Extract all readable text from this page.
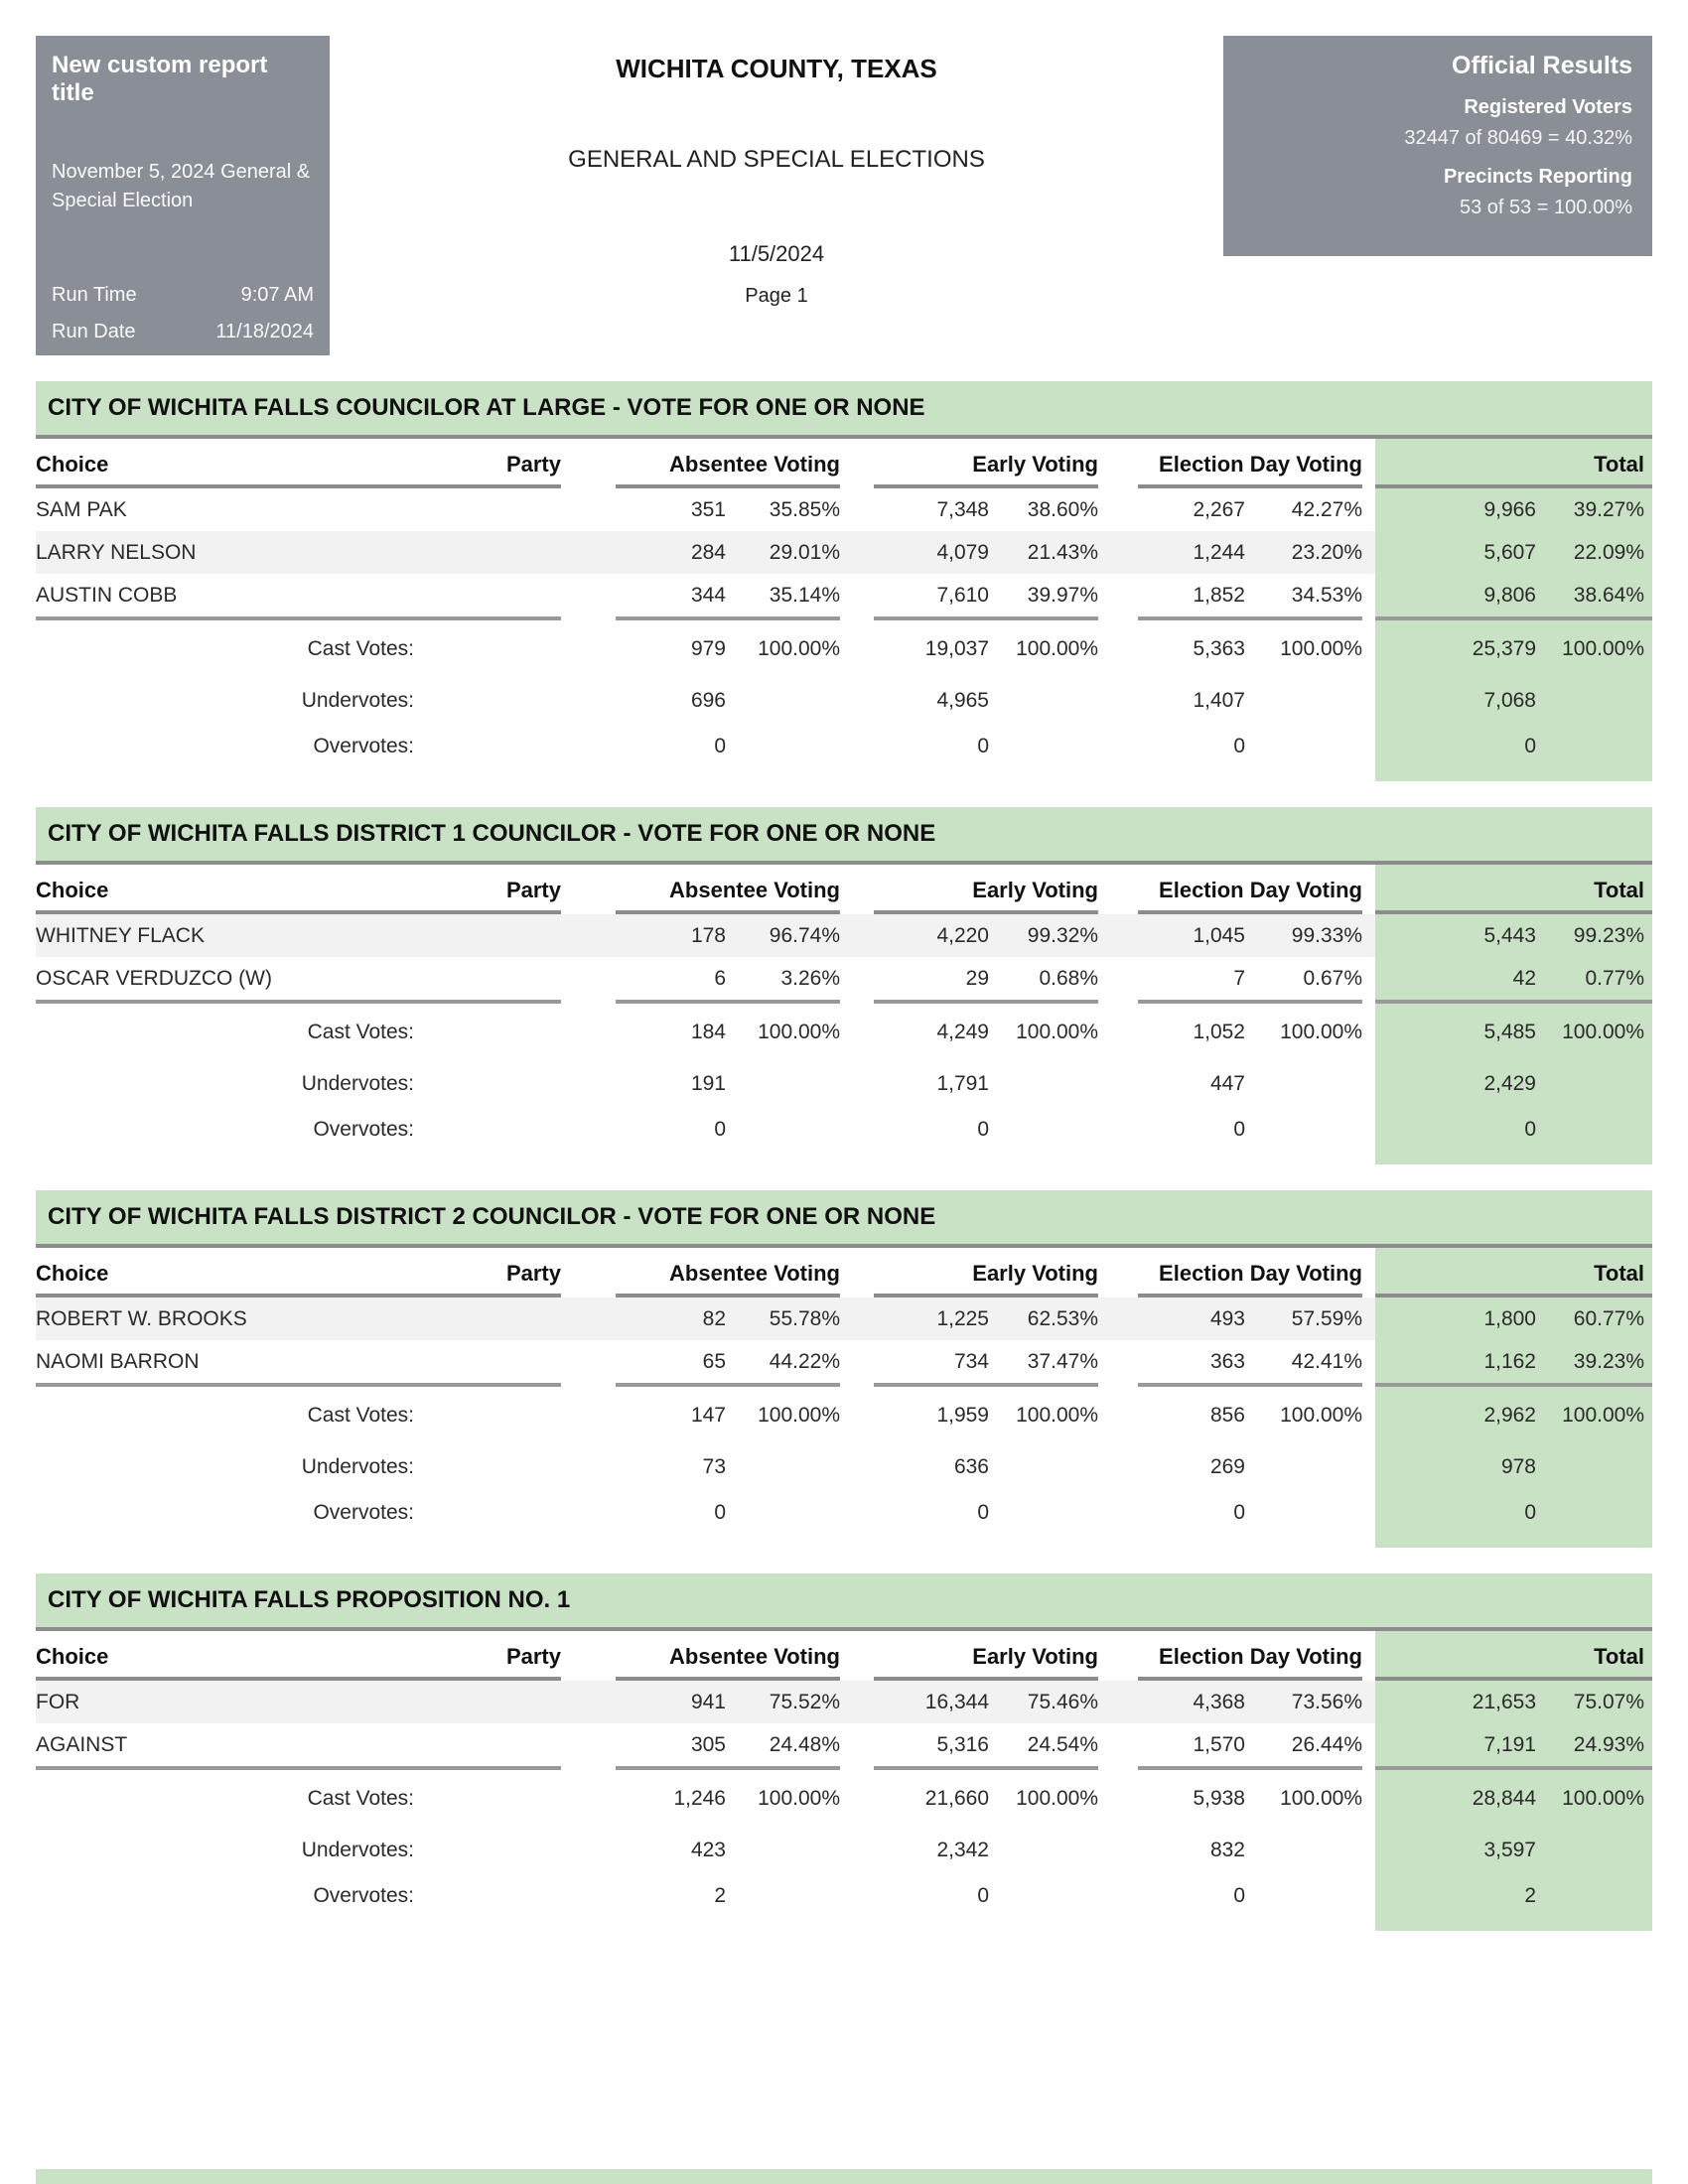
New custom report title
November 5, 2024 General & Special Election
Run Time	9:07 AM
Run Date	11/18/2024
WICHITA COUNTY, TEXAS
GENERAL AND SPECIAL ELECTIONS
11/5/2024
Page 1
Official Results
Registered Voters
32447 of 80469 = 40.32%
Precincts Reporting
53 of 53 = 100.00%
CITY OF WICHITA FALLS COUNCILOR AT LARGE - VOTE FOR ONE OR NONE
Choice	Party	Absentee Voting	Early Voting	Election Day Voting	Total
SAM PAK	351	35.85%	7,348	38.60%	2,267	42.27%	9,966	39.27%
LARRY NELSON	284	29.01%	4,079	21.43%	1,244	23.20%	5,607	22.09%
AUSTIN COBB	344	35.14%	7,610	39.97%	1,852	34.53%	9,806	38.64%
Cast Votes:	979	100.00%	19,037	100.00%	5,363	100.00%	25,379	100.00%
Undervotes:	696	4,965	1,407	7,068
Overvotes:	0	0	0	0
CITY OF WICHITA FALLS DISTRICT 1 COUNCILOR - VOTE FOR ONE OR NONE
Choice	Party	Absentee Voting	Early Voting	Election Day Voting	Total
WHITNEY FLACK	178	96.74%	4,220	99.32%	1,045	99.33%	5,443	99.23%
OSCAR VERDUZCO (W)	6	3.26%	29	0.68%	7	0.67%	42	0.77%
Cast Votes:	184	100.00%	4,249	100.00%	1,052	100.00%	5,485	100.00%
Undervotes:	191	1,791	447	2,429
Overvotes:	0	0	0	0
CITY OF WICHITA FALLS DISTRICT 2 COUNCILOR - VOTE FOR ONE OR NONE
Choice	Party	Absentee Voting	Early Voting	Election Day Voting	Total
ROBERT W. BROOKS	82	55.78%	1,225	62.53%	493	57.59%	1,800	60.77%
NAOMI BARRON	65	44.22%	734	37.47%	363	42.41%	1,162	39.23%
Cast Votes:	147	100.00%	1,959	100.00%	856	100.00%	2,962	100.00%
Undervotes:	73	636	269	978
Overvotes:	0	0	0	0
CITY OF WICHITA FALLS PROPOSITION NO. 1
Choice	Party	Absentee Voting	Early Voting	Election Day Voting	Total
FOR	941	75.52%	16,344	75.46%	4,368	73.56%	21,653	75.07%
AGAINST	305	24.48%	5,316	24.54%	1,570	26.44%	7,191	24.93%
Cast Votes:	1,246	100.00%	21,660	100.00%	5,938	100.00%	28,844	100.00%
Undervotes:	423	2,342	832	3,597
Overvotes:	2	0	0	2
